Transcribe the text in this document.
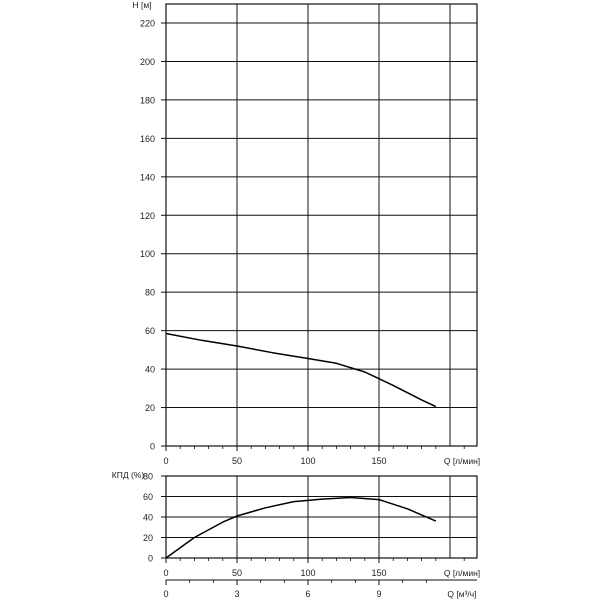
0
20
40
60
80
100
120
140
160
180
200
220
0	50	100	150
H [м]
Q [л/мин]
0
20
40
60
80
0	50	100	150
КПД (%)
Q [л/мин]
0	3	6	9	Q [м³/ч]
